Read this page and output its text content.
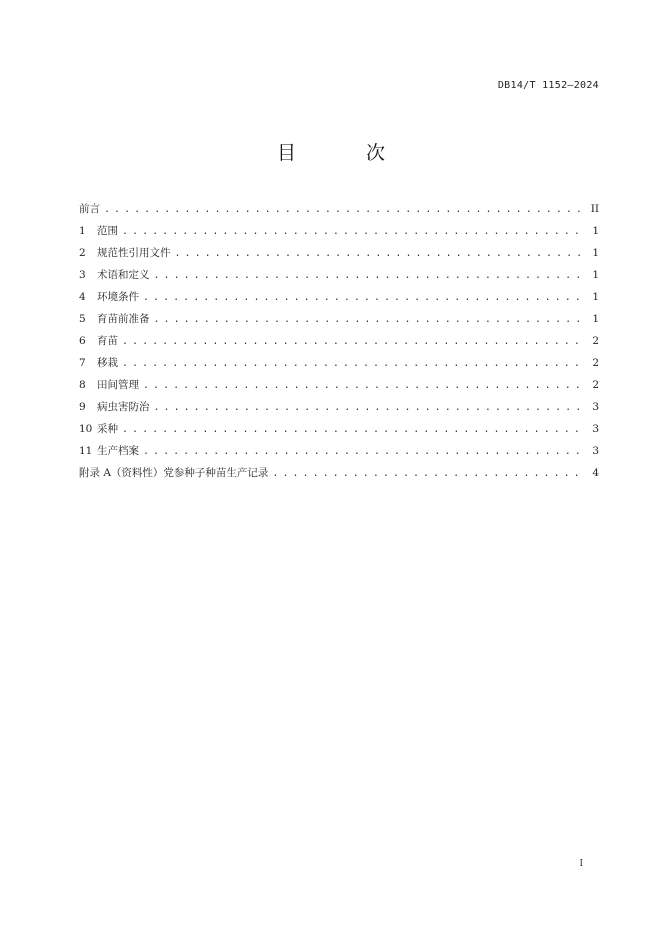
DB14/T 1152—2024
目 次
前言 . . .	II
1 范围 . . .	1
2 规范性引用文件 . . .	1
3 术语和定义 . . .	1
4 环境条件 . . .	1
5 育苗前准备 . . .	1
6 育苗 . . .	2
7 移栽 . . .	2
8 田间管理 . . .	2
9 病虫害防治 . . .	3
10 采种 . . .	3
11 生产档案 . . .	3
附录 A（资料性）党参种子种苗生产记录 . . .	4
I
